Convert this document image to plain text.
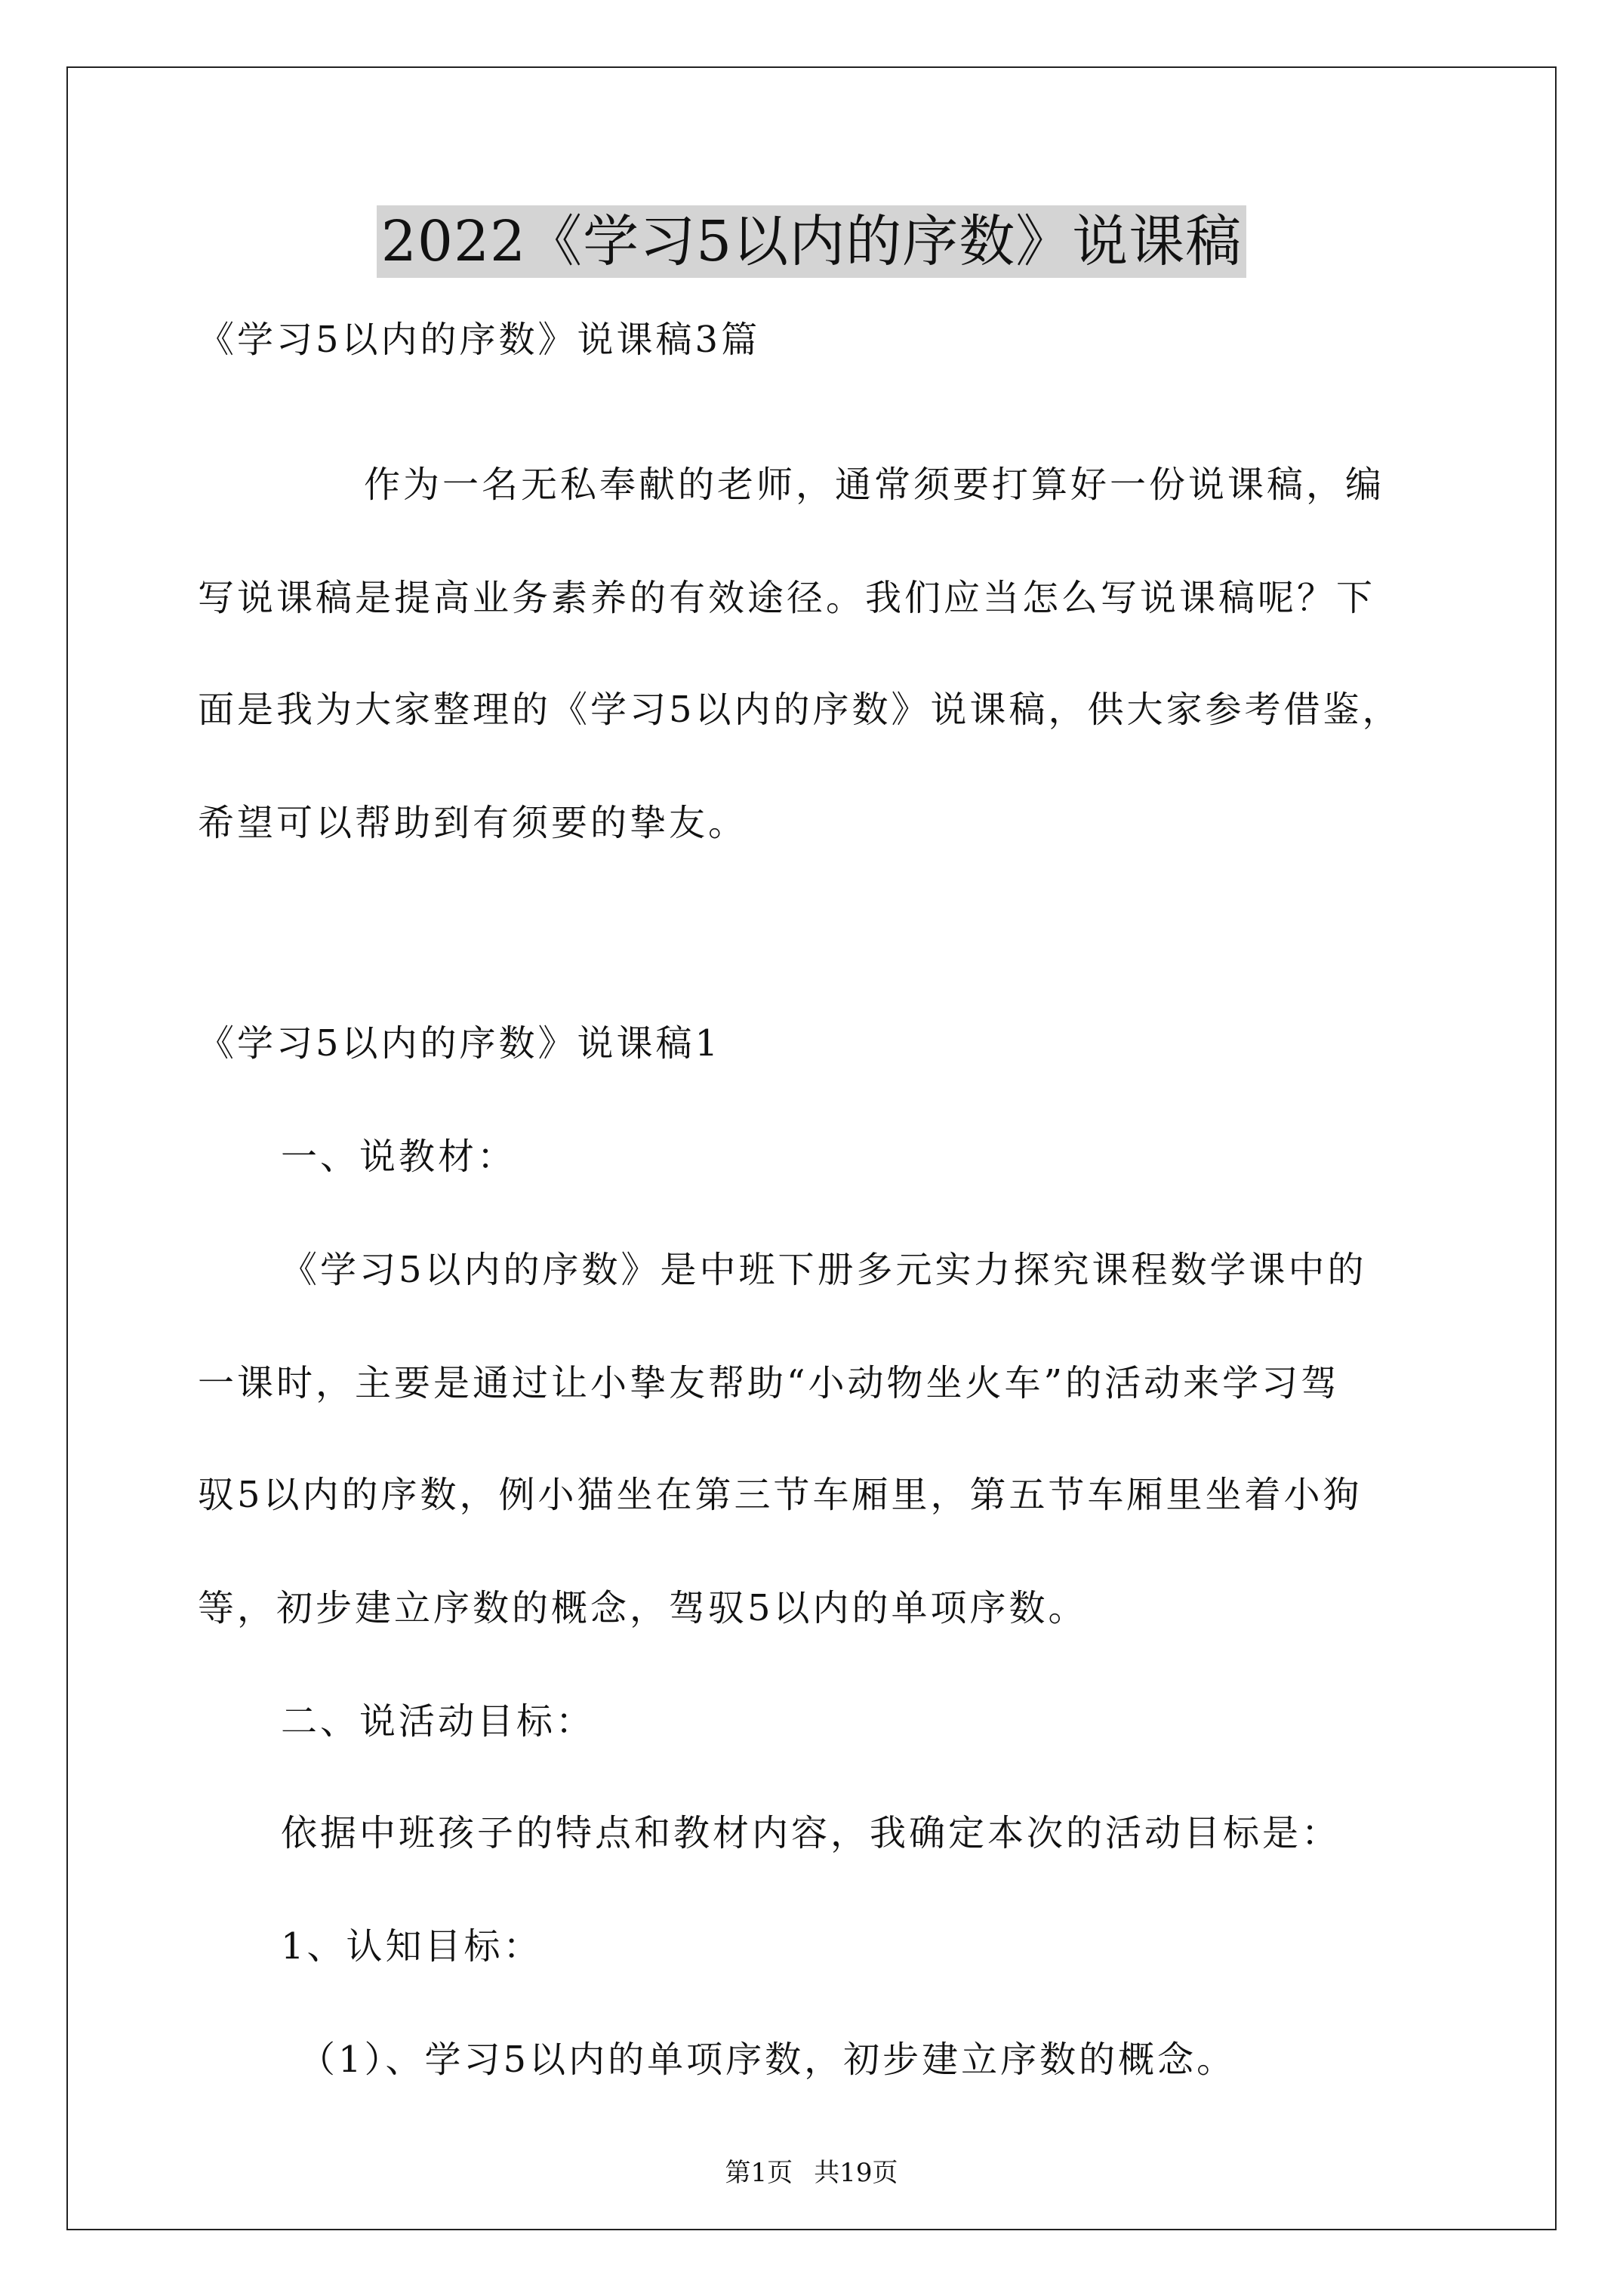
2022《学习5以内的序数》说课稿
《学习5以内的序数》说课稿3篇
作为一名无私奉献的老师，通常须要打算好一份说课稿，编
写说课稿是提高业务素养的有效途径。我们应当怎么写说课稿呢？下
面是我为大家整理的《学习5以内的序数》说课稿，供大家参考借鉴，
希望可以帮助到有须要的挚友。
《学习5以内的序数》说课稿1
一、说教材：
《学习5以内的序数》是中班下册多元实力探究课程数学课中的
一课时，主要是通过让小挚友帮助“小动物坐火车”的活动来学习驾
驭5以内的序数，例小猫坐在第三节车厢里，第五节车厢里坐着小狗
等，初步建立序数的概念，驾驭5以内的单项序数。
二、说活动目标：
依据中班孩子的特点和教材内容，我确定本次的活动目标是：
1、认知目标：
（1）、学习5以内的单项序数，初步建立序数的概念。
第1页 共19页
